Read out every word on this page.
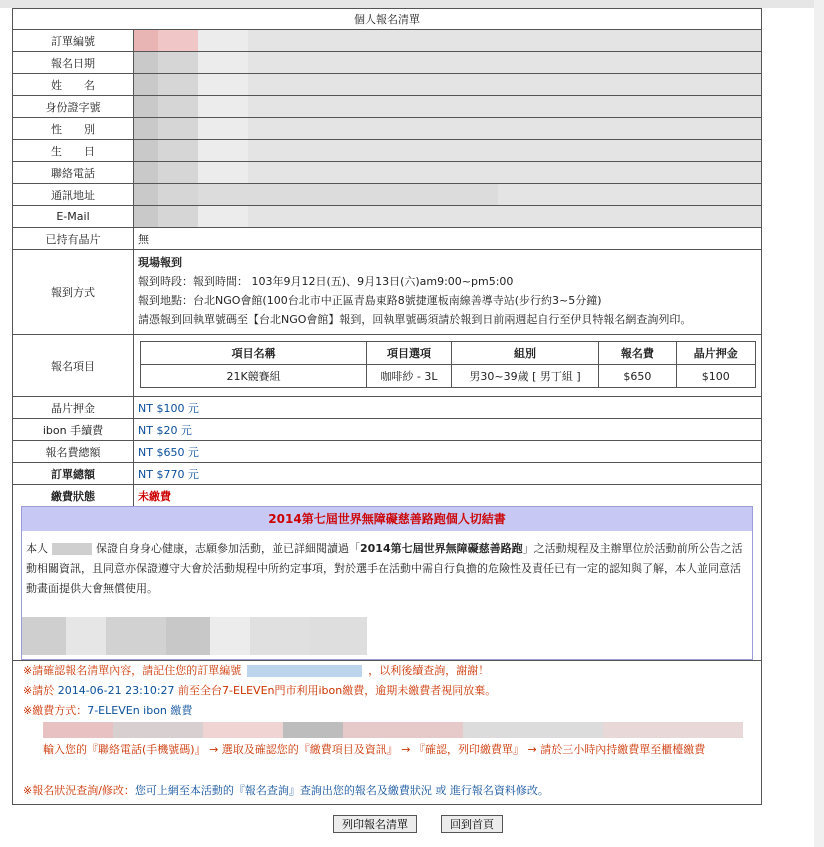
個人報名清單
訂單編號
報名日期
姓　　名
身份證字號
性　　別
生　　日
聯絡電話
通訊地址
E-Mail
已持有晶片	無
報到方式
現場報到
報到時段：報到時間： 103年9月12日(五)、9月13日(六)am9:00~pm5:00
報到地點：台北NGO會館(100台北市中正區青島東路8號捷運板南線善導寺站(步行約3~5分鐘)
請憑報到回執單號碼至【台北NGO會館】報到，回執單號碼須請於報到日前兩週起自行至伊貝特報名網查詢列印。
報名項目
項目名稱	項目選項	組別	報名費	晶片押金
21K競賽組	咖啡紗 - 3L	男30~39歲 [ 男丁組 ]	$650	$100
晶片押金	NT $100 元
ibon 手續費	NT $20 元
報名費總額	NT $650 元
訂單總額	NT $770 元
繳費狀態	未繳費
2014第七屆世界無障礙慈善路跑個人切結書
本人	保證自身身心健康，志願參加活動，並已詳細閱讀過「2014第七屆世界無障礙慈善路跑」之活動規程及主辦單位於活動前所公告之活動相關資訊，且同意亦保證遵守大會於活動規程中所約定事項，對於選手在活動中需自行負擔的危險性及責任已有一定的認知與了解，本人並同意活動畫面提供大會無償使用。
※請確認報名清單內容，請記住您的訂單編號	，以利後續查詢，謝謝！
※請於 2014-06-21 23:10:27 前至全台7-ELEVEn門市利用ibon繳費，逾期未繳費者視同放棄。
※繳費方式：7-ELEVEn ibon 繳費
輸入您的『聯絡電話(手機號碼)』 → 選取及確認您的『繳費項目及資訊』 → 『確認，列印繳費單』 → 請於三小時內持繳費單至櫃檯繳費
※報名狀況查詢/修改：您可上網至本活動的『報名查詢』查詢出您的報名及繳費狀況 或 進行報名資料修改。
列印報名清單	回到首頁
